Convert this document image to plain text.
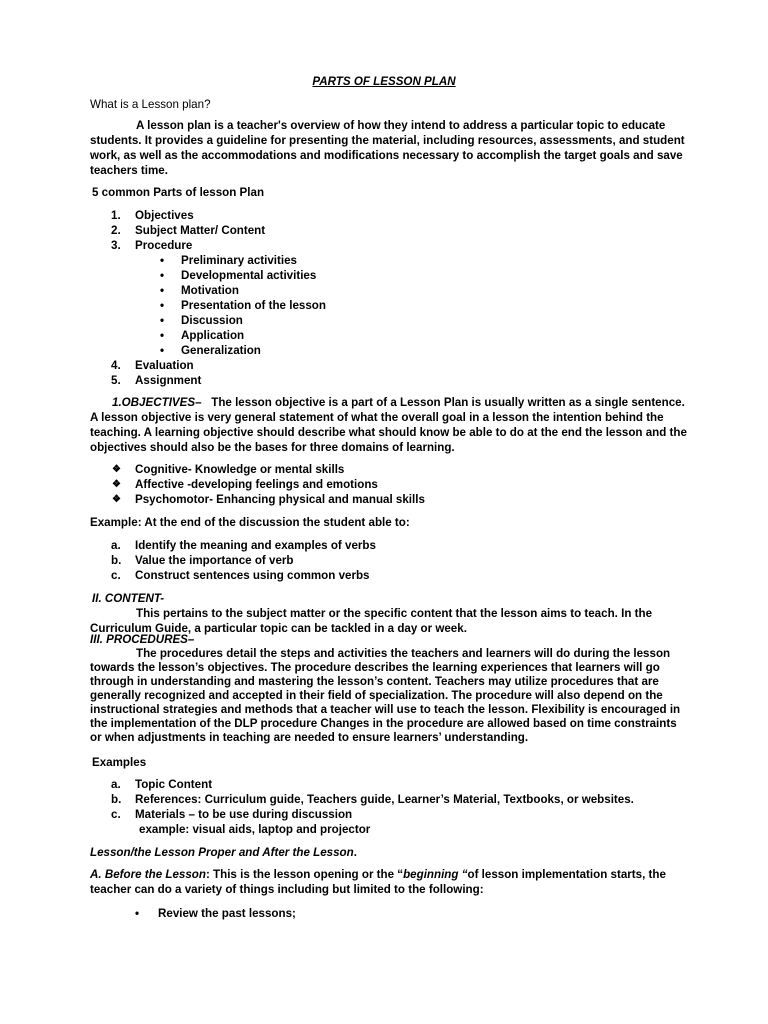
PARTS OF LESSON PLAN

What is a Lesson plan?

A lesson plan is a teacher's overview of how they intend to address a particular topic to educate students. It provides a guideline for presenting the material, including resources, assessments, and student work, as well as the accommodations and modifications necessary to accomplish the target goals and save teachers time.

5 common Parts of lesson Plan

1. Objectives
2. Subject Matter/ Content
3. Procedure
• Preliminary activities
• Developmental activities
• Motivation
• Presentation of the lesson
• Discussion
• Application
• Generalization
4. Evaluation
5. Assignment

1.OBJECTIVES– The lesson objective is a part of a Lesson Plan is usually written as a single sentence. A lesson objective is very general statement of what the overall goal in a lesson the intention behind the teaching. A learning objective should describe what should know be able to do at the end the lesson and the objectives should also be the bases for three domains of learning.

❖ Cognitive- Knowledge or mental skills
❖ Affective -developing feelings and emotions
❖ Psychomotor- Enhancing physical and manual skills

Example: At the end of the discussion the student able to:

a. Identify the meaning and examples of verbs
b. Value the importance of verb
c. Construct sentences using common verbs

II. CONTENT-

This pertains to the subject matter or the specific content that the lesson aims to teach. In the Curriculum Guide, a particular topic can be tackled in a day or week.

III. PROCEDURES–

The procedures detail the steps and activities the teachers and learners will do during the lesson towards the lesson’s objectives. The procedure describes the learning experiences that learners will go through in understanding and mastering the lesson’s content. Teachers may utilize procedures that are generally recognized and accepted in their field of specialization. The procedure will also depend on the instructional strategies and methods that a teacher will use to teach the lesson. Flexibility is encouraged in the implementation of the DLP procedure Changes in the procedure are allowed based on time constraints or when adjustments in teaching are needed to ensure learners’ understanding.

Examples

a. Topic Content
b. References: Curriculum guide, Teachers guide, Learner’s Material, Textbooks, or websites.
c. Materials – to be use during discussion

example: visual aids, laptop and projector

Lesson/the Lesson Proper and After the Lesson.

A. Before the Lesson: This is the lesson opening or the “beginning “of lesson implementation starts, the teacher can do a variety of things including but limited to the following:

• Review the past lessons;
